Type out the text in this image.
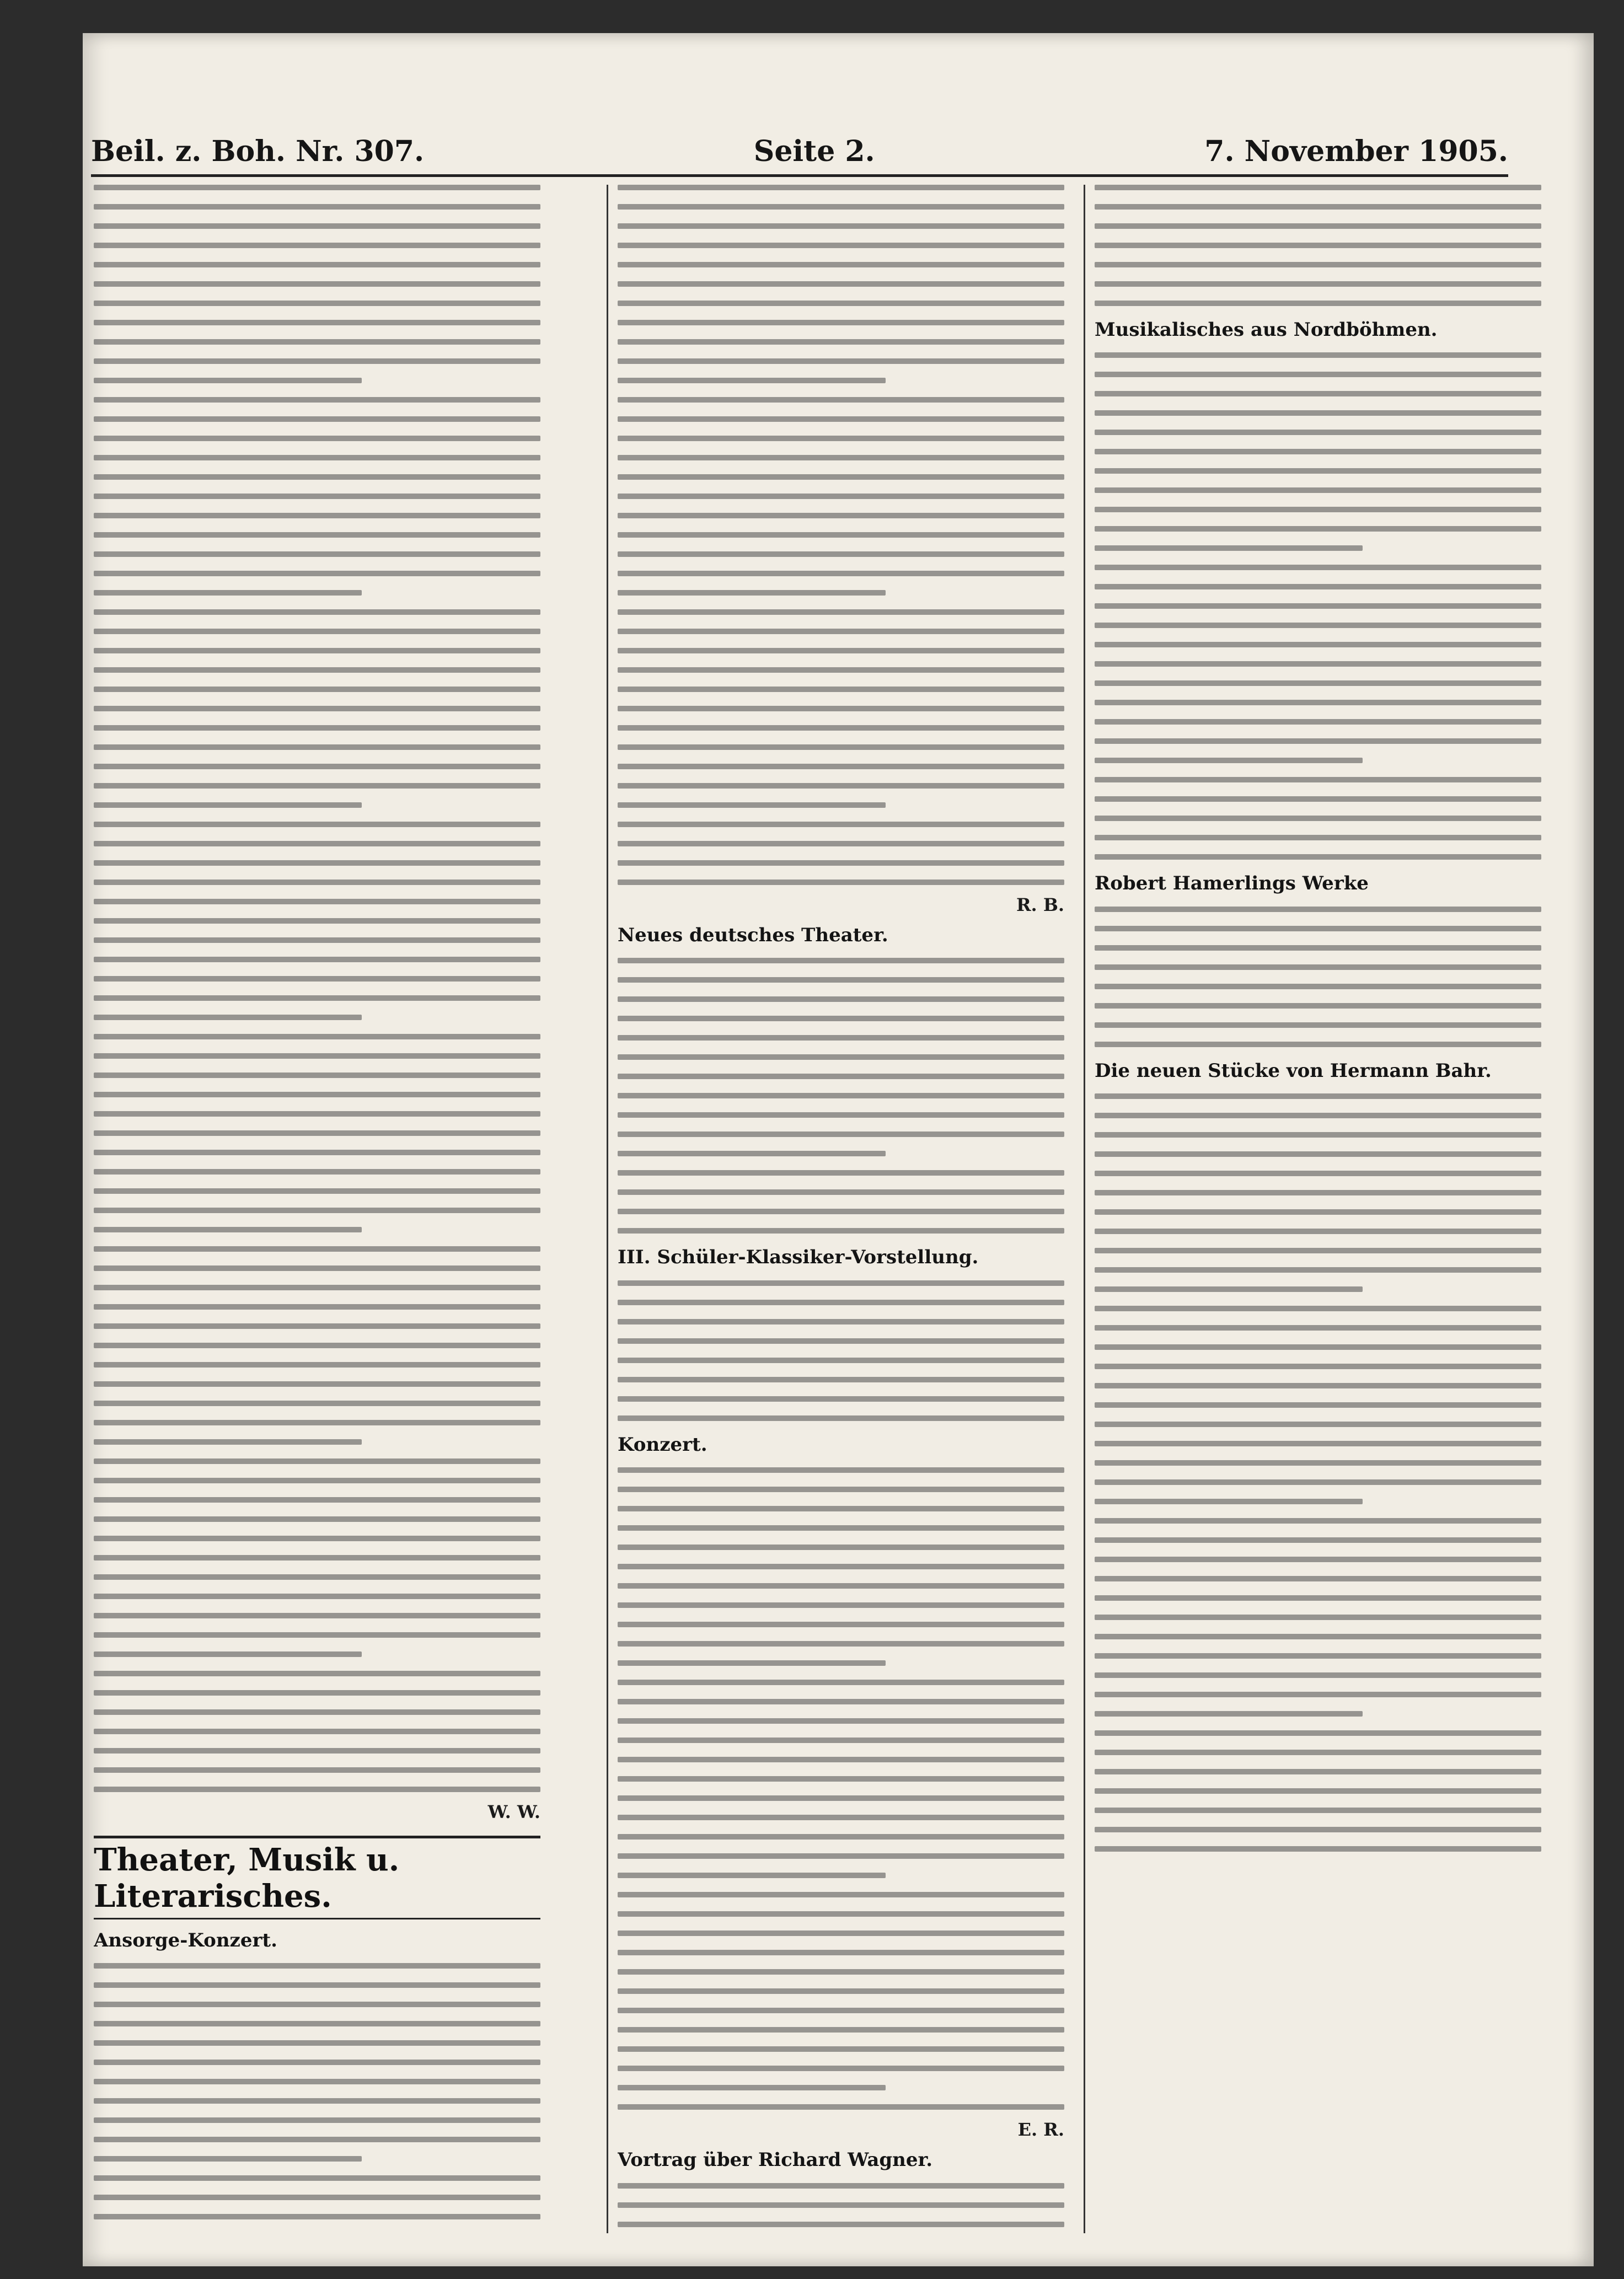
Beil. z. Boh. Nr. 307.	Seite 2.	7. November 1905.
W. W.
Theater, Musik u. Literarisches.
Ansorge-Konzert.
R. B.
Neues deutsches Theater.
III. Schüler-Klassiker-Vorstellung.
Konzert.
E. R.
Vortrag über Richard Wagner.
Musikalisches aus Nordböhmen.
Robert Hamerlings Werke
Die neuen Stücke von Hermann Bahr.
